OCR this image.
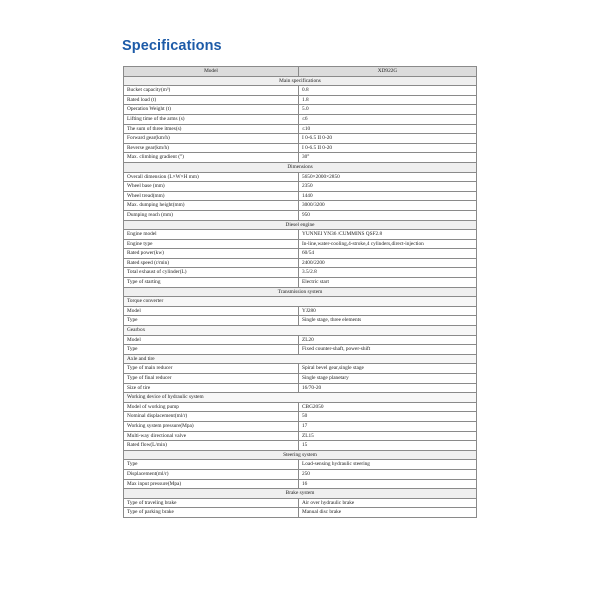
Specifications
Model	XD922G
Main specifications	
Bucket capacity(m³)	0.8
Rated load (t)	1.8
Operation Weight (t)	5.0
Lifting time of the arms (s)	≤6
The sum of three itmes(s)	≤10
Forward gear(km/h)	I 0-6.5 II 0-20
Reverse gear(km/h)	I 0-6.5 II 0-20
Max. climbing gradient (°)	30°
Dimensions	
Overall dimension (L×W×H mm)	5650×2000×2850
Wheel base (mm)	2350
Wheel tread(mm)	1440
Max. dumping height(mm)	3000/3200
Dumping reach (mm)	950
Diesel engine	
Engine model	YUNNEI YN36 /CUMMINS QSF2.8
Engine type	In-line,water-cooling,4-stroke,4 cylinders,direct-injection
Rated power(kw)	60/54
Rated speed (r/min)	2400/2200
Total exhaust of cylinder(L)	3.5/2.8
Type of starting	Electric start
Transmission system	
Torque converter	
Model	YJ280
Type	Single stage, three elements
Gearbox	
Model	ZL20
Type	Fixed counter-shaft, power-shift
Axle and tire	
Type of main reducer	Spiral bevel gear,single stage
Type of final reducer	Single stage planetary
Size of tire	16/70-20
Working device of hydraulic system	
Model of working pump	CBG2050
Nominal displacement(ml/r)	50
Working system pressure(Mpa)	17
Multi-way directional valve	ZL15
Rated flow(L/min)	15
Steering system	
Type	Load-sensing hydraulic steering
Displacement(ml/r)	250
Max input pressure(Mpa)	16
Brake system	
Type of traveling brake	Air over hydraulic brake
Type of parking brake	Manual disc brake
